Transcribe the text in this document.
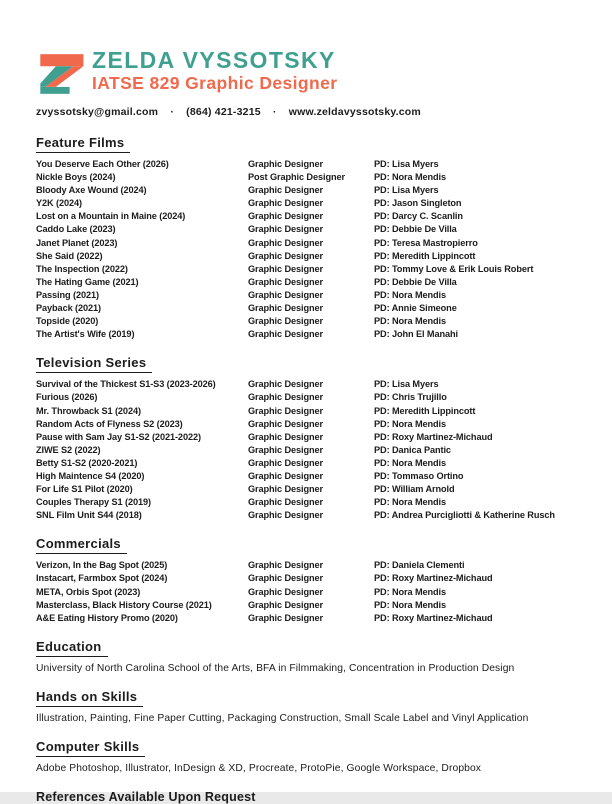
ZELDA VYSSOTSKY
IATSE 829 Graphic Designer
zvyssotsky@gmail.com · (864) 421-3215 · www.zeldavyssotsky.com
Feature Films
You Deserve Each Other (2026)	Graphic Designer	PD: Lisa Myers
Nickle Boys (2024)	Post Graphic Designer	PD: Nora Mendis
Bloody Axe Wound (2024)	Graphic Designer	PD: Lisa Myers
Y2K (2024)	Graphic Designer	PD: Jason Singleton
Lost on a Mountain in Maine (2024)	Graphic Designer	PD: Darcy C. Scanlin
Caddo Lake (2023)	Graphic Designer	PD: Debbie De Villa
Janet Planet (2023)	Graphic Designer	PD: Teresa Mastropierro
She Said (2022)	Graphic Designer	PD: Meredith Lippincott
The Inspection (2022)	Graphic Designer	PD: Tommy Love & Erik Louis Robert
The Hating Game (2021)	Graphic Designer	PD: Debbie De Villa
Passing (2021)	Graphic Designer	PD: Nora Mendis
Payback (2021)	Graphic Designer	PD: Annie Simeone
Topside (2020)	Graphic Designer	PD: Nora Mendis
The Artist's Wife (2019)	Graphic Designer	PD: John El Manahi
Television Series
Survival of the Thickest S1-S3 (2023-2026)	Graphic Designer	PD: Lisa Myers
Furious (2026)	Graphic Designer	PD: Chris Trujillo
Mr. Throwback S1 (2024)	Graphic Designer	PD: Meredith Lippincott
Random Acts of Flyness S2 (2023)	Graphic Designer	PD: Nora Mendis
Pause with Sam Jay S1-S2 (2021-2022)	Graphic Designer	PD: Roxy Martinez-Michaud
ZIWE S2 (2022)	Graphic Designer	PD: Danica Pantic
Betty S1-S2 (2020-2021)	Graphic Designer	PD: Nora Mendis
High Maintence S4 (2020)	Graphic Designer	PD: Tommaso Ortino
For Life S1 Pilot (2020)	Graphic Designer	PD: William Arnold
Couples Therapy S1 (2019)	Graphic Designer	PD: Nora Mendis
SNL Film Unit S44 (2018)	Graphic Designer	PD: Andrea Purcigliotti & Katherine Rusch
Commercials
Verizon, In the Bag Spot (2025)	Graphic Designer	PD: Daniela Clementi
Instacart, Farmbox Spot (2024)	Graphic Designer	PD: Roxy Martinez-Michaud
META, Orbis Spot (2023)	Graphic Designer	PD: Nora Mendis
Masterclass, Black History Course (2021)	Graphic Designer	PD: Nora Mendis
A&E Eating History Promo (2020)	Graphic Designer	PD: Roxy Martinez-Michaud
Education

University of North Carolina School of the Arts, BFA in Filmmaking, Concentration in Production Design

Hands on Skills

Illustration, Painting, Fine Paper Cutting, Packaging Construction, Small Scale Label and Vinyl Application

Computer Skills

Adobe Photoshop, Illustrator, InDesign & XD, Procreate, ProtoPie, Google Workspace, Dropbox

References Available Upon Request
